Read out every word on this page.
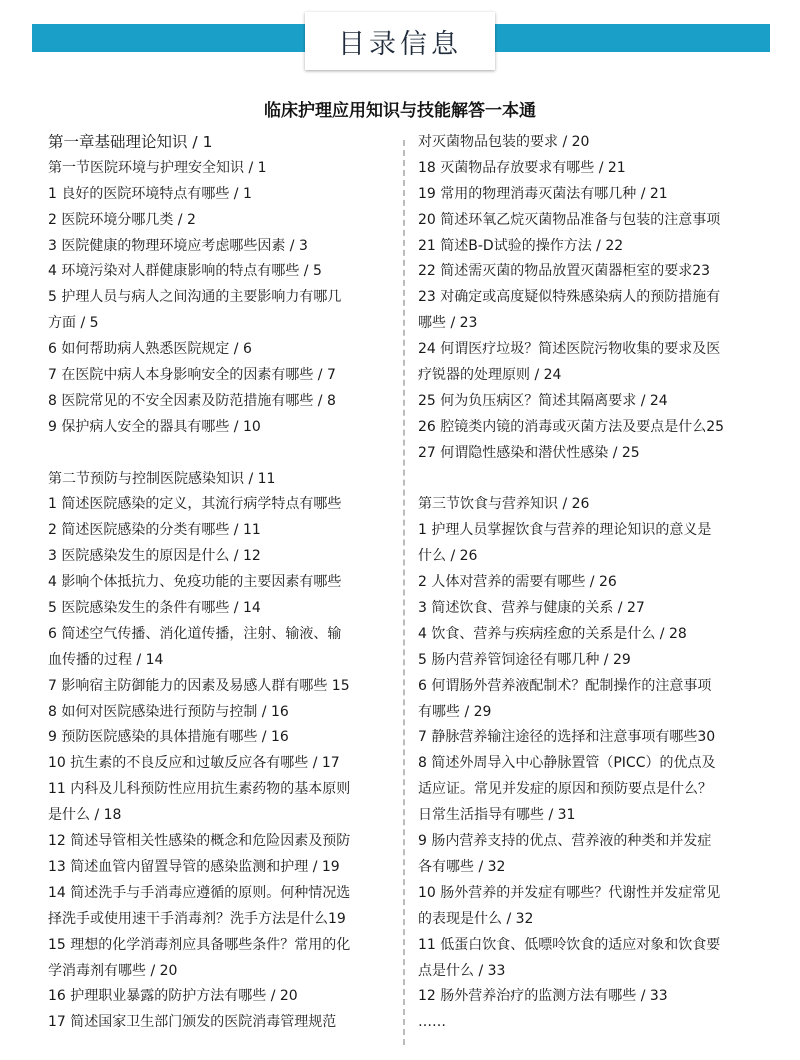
目录信息
临床护理应用知识与技能解答一本通
第一章基础理论知识 / 1
第一节医院环境与护理安全知识 / 1
1 良好的医院环境特点有哪些 / 1
2 医院环境分哪几类 / 2
3 医院健康的物理环境应考虑哪些因素 / 3
4 环境污染对人群健康影响的特点有哪些 / 5
5 护理人员与病人之间沟通的主要影响力有哪几
方面 / 5
6 如何帮助病人熟悉医院规定 / 6
7 在医院中病人本身影响安全的因素有哪些 / 7
8 医院常见的不安全因素及防范措施有哪些 / 8
9 保护病人安全的器具有哪些 / 10
第二节预防与控制医院感染知识 / 11
1 简述医院感染的定义，其流行病学特点有哪些
2 简述医院感染的分类有哪些 / 11
3 医院感染发生的原因是什么 / 12
4 影响个体抵抗力、免疫功能的主要因素有哪些
5 医院感染发生的条件有哪些 / 14
6 简述空气传播、消化道传播，注射、输液、输
血传播的过程 / 14
7 影响宿主防御能力的因素及易感人群有哪些 15
8 如何对医院感染进行预防与控制 / 16
9 预防医院感染的具体措施有哪些 / 16
10 抗生素的不良反应和过敏反应各有哪些 / 17
11 内科及儿科预防性应用抗生素药物的基本原则
是什么 / 18
12 简述导管相关性感染的概念和危险因素及预防
13 简述血管内留置导管的感染监测和护理 / 19
14 简述洗手与手消毒应遵循的原则。何种情况选
择洗手或使用速干手消毒剂？洗手方法是什么19
15 理想的化学消毒剂应具备哪些条件？常用的化
学消毒剂有哪些 / 20
16 护理职业暴露的防护方法有哪些 / 20
17 简述国家卫生部门颁发的医院消毒管理规范
对灭菌物品包装的要求 / 20
18 灭菌物品存放要求有哪些 / 21
19 常用的物理消毒灭菌法有哪几种 / 21
20 简述环氧乙烷灭菌物品准备与包装的注意事项
21 简述B-D试验的操作方法 / 22
22 简述需灭菌的物品放置灭菌器柜室的要求23
23 对确定或高度疑似特殊感染病人的预防措施有
哪些 / 23
24 何谓医疗垃圾？简述医院污物收集的要求及医
疗锐器的处理原则 / 24
25 何为负压病区？简述其隔离要求 / 24
26 腔镜类内镜的消毒或灭菌方法及要点是什么25
27 何谓隐性感染和潜伏性感染 / 25
第三节饮食与营养知识 / 26
1 护理人员掌握饮食与营养的理论知识的意义是
什么 / 26
2 人体对营养的需要有哪些 / 26
3 简述饮食、营养与健康的关系 / 27
4 饮食、营养与疾病痊愈的关系是什么 / 28
5 肠内营养管饲途径有哪几种 / 29
6 何谓肠外营养液配制术？配制操作的注意事项
有哪些 / 29
7 静脉营养输注途径的选择和注意事项有哪些30
8 简述外周导入中心静脉置管（PICC）的优点及
适应证。常见并发症的原因和预防要点是什么？
日常生活指导有哪些 / 31
9 肠内营养支持的优点、营养液的种类和并发症
各有哪些 / 32
10 肠外营养的并发症有哪些？代谢性并发症常见
的表现是什么 / 32
11 低蛋白饮食、低嘌呤饮食的适应对象和饮食要
点是什么 / 33
12 肠外营养治疗的监测方法有哪些 / 33
……
